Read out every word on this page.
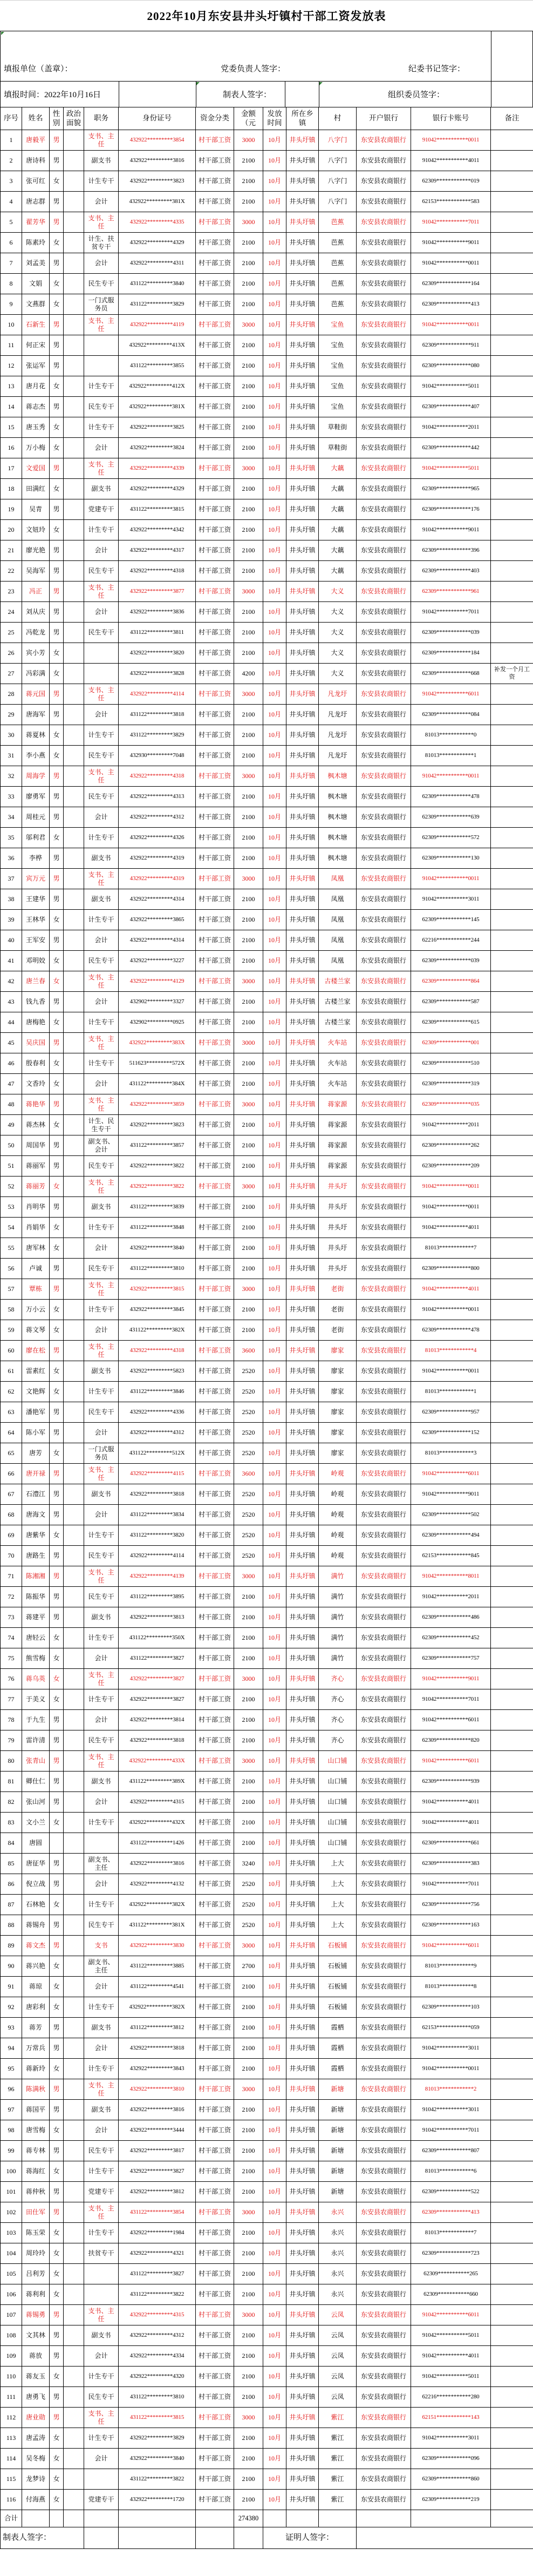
2022年10月东安县井头圩镇村干部工资发放表
填报单位（盖章）：	党委负责人签字：	纪委书记签字：
填报时间：2022年10月16日	制表人签字：	组织委员签字：
序号	姓名	性别	政治面貌	职务	身份证号	资金分类	金额（元	发放时间	所在乡镇	村	开户银行	银行卡账号	备注
1	唐毅平	男		支书、主任	432922*********3854	村干部工资	3000	10月	井头圩镇	八字门	东安县农商银行	91042***********0011	
2	唐诗科	男		副支书	432922*********3816	村干部工资	2100	10月	井头圩镇	八字门	东安县农商银行	91042***********4011	
3	张可红	女		计生专干	432922*********3823	村干部工资	2100	10月	井头圩镇	八字门	东安县农商银行	62309************019	
4	唐志群	男		会计	432922*********381X	村干部工资	2100	10月	井头圩镇	八字门	东安县农商银行	62153************583	
5	翟芳华	男		支书、主任	432922*********4335	村干部工资	3000	10月	井头圩镇	芭蕉	东安县农商银行	91042***********7011	
6	陈素玲	女		计生、扶贫专干	432922*********4329	村干部工资	2100	10月	井头圩镇	芭蕉	东安县农商银行	91042***********9011	
7	刘孟美	男		会计	432922*********4311	村干部工资	2100	10月	井头圩镇	芭蕉	东安县农商银行	91042***********0011	
8	文娟	女		民生专干	431122*********3840	村干部工资	2100	10月	井头圩镇	芭蕉	东安县农商银行	62309************164	
9	文燕群	女		一门式服务员	431122*********3829	村干部工资	2100	10月	井头圩镇	芭蕉	东安县农商银行	62309************413	
10	石新生	男		支书、主任	432922*********4119	村干部工资	3000	10月	井头圩镇	宝鱼	东安县农商银行	91042***********0011	
11	何正宋	男			432922*********413X	村干部工资	2100	10月	井头圩镇	宝鱼	东安县农商银行	62309************911	
12	张运军	男			431122*********3855	村干部工资	2100	10月	井头圩镇	宝鱼	东安县农商银行	62309************080	
13	唐月花	女		计生专干	432922*********412X	村干部工资	2100	10月	井头圩镇	宝鱼	东安县农商银行	91042***********5011	
14	蒋志杰	男		民生专干	432922*********381X	村干部工资	2100	10月	井头圩镇	宝鱼	东安县农商银行	62309************407	
15	唐玉秀	女		计生专干	432922*********3825	村干部工资	2100	10月	井头圩镇	草鞋街	东安县农商银行	91042***********2011	
16	万小梅	女		会计	432922*********3824	村干部工资	2100	10月	井头圩镇	草鞋街	东安县农商银行	62309************442	
17	文爱国	男		支书、主任	432922*********4339	村干部工资	3000	10月	井头圩镇	大藕	东安县农商银行	91042***********5011	
18	田满红	女		副支书	432922*********4329	村干部工资	2100	10月	井头圩镇	大藕	东安县农商银行	62309************965	
19	吴青	男		党建专干	431122*********3815	村干部工资	2100	10月	井头圩镇	大藕	东安县农商银行	62309************176	
20	文妞玲	女		计生专干	432922*********4342	村干部工资	2100	10月	井头圩镇	大藕	东安县农商银行	91042***********9011	
21	廖光艳	男		会计	432922*********4317	村干部工资	2100	10月	井头圩镇	大藕	东安县农商银行	62309************396	
22	吴海军	男		民生专干	432922*********4318	村干部工资	2100	10月	井头圩镇	大藕	东安县农商银行	62309************403	
23	冯正	男		支书、主任	432922*********3877	村干部工资	3000	10月	井头圩镇	大义	东安县农商银行	62309************961	
24	刘从庆	男		会计	432922*********3836	村干部工资	2100	10月	井头圩镇	大义	东安县农商银行	91042***********7011	
25	冯乾龙	男		民生专干	431122*********3811	村干部工资	2100	10月	井头圩镇	大义	东安县农商银行	62309************039	
26	宾小芳	女			432922*********3820	村干部工资	2100	10月	井头圩镇	大义	东安县农商银行	62309************184	
27	冯彩满	女			432922*********3828	村干部工资	4200	10月	井头圩镇	大义	东安县农商银行	62309************668	补发一个月工资
28	蒋元国	男		支书、主任	432922*********4114	村干部工资	3000	10月	井头圩镇	凡龙圩	东安县农商银行	91042***********6011	
29	唐海军	男		会计	431122*********3818	村干部工资	2100	10月	井头圩镇	凡龙圩	东安县农商银行	62309************084	
30	蒋夏林	女		计生专干	431122*********3829	村干部工资	2100	10月	井头圩镇	凡龙圩	东安县农商银行	81013************0	
31	李小燕	女		民生专干	432930*********7048	村干部工资	2100	10月	井头圩镇	凡龙圩	东安县农商银行	81013************1	
32	周海学	男		支书、主任	432922*********4318	村干部工资	3000	10月	井头圩镇	枫木塘	东安县农商银行	91042***********0011	
33	廖勇军	男		民生专干	432922*********4313	村干部工资	2100	10月	井头圩镇	枫木塘	东安县农商银行	62309************478	
34	周桂元	男		会计	432922*********4312	村干部工资	2100	10月	井头圩镇	枫木塘	东安县农商银行	62309************639	
35	邬利君	女		计生专干	432922*********4326	村干部工资	2100	10月	井头圩镇	枫木塘	东安县农商银行	62309************572	
36	李桦	男		副支书	432922*********4319	村干部工资	2100	10月	井头圩镇	枫木塘	东安县农商银行	62309************130	
37	宾万元	男		支书、主任	432922*********4319	村干部工资	3000	10月	井头圩镇	凤凰	东安县农商银行	91042***********0011	
38	王建华	男		副支书	432922*********4314	村干部工资	2100	10月	井头圩镇	凤凰	东安县农商银行	91042***********3011	
39	王林华	女		计生专干	432922*********3865	村干部工资	2100	10月	井头圩镇	凤凰	东安县农商银行	62309************145	
40	王军安	男		会计	432922*********4314	村干部工资	2100	10月	井头圩镇	凤凰	东安县农商银行	62216************244	
41	邓明姣	女		民生专干	432922*********3227	村干部工资	2100	10月	井头圩镇	凤凰	东安县农商银行	62309************039	
42	唐兰春	女		支书、主任	432922*********4129	村干部工资	3000	10月	井头圩镇	古楼兰家	东安县农商银行	62309************864	
43	钱九香	男		会计	432902*********3327	村干部工资	2100	10月	井头圩镇	古楼兰家	东安县农商银行	62309************587	
44	唐梅艳	女		计生专干	432902*********0925	村干部工资	2100	10月	井头圩镇	古楼兰家	东安县农商银行	62309************615	
45	吴庆国	男		支书、主任	432922*********383X	村干部工资	3000	10月	井头圩镇	火车站	东安县农商银行	62309************001	
46	殷春利	女		计生专干	511623*********572X	村干部工资	2100	10月	井头圩镇	火车站	东安县农商银行	62309************510	
47	文香玲	女		会计	431122*********384X	村干部工资	2100	10月	井头圩镇	火车站	东安县农商银行	62309************319	
48	蒋艳华	男		支书、主任	432922*********3859	村干部工资	3000	10月	井头圩镇	蒋家源	东安县农商银行	62309************035	
49	蒋杰林	女		计生、民生专干	432922*********3823	村干部工资	2100	10月	井头圩镇	蒋家源	东安县农商银行	91042***********2011	
50	周国华	男		副支书、会计	431122*********3857	村干部工资	2100	10月	井头圩镇	蒋家源	东安县农商银行	62309************262	
51	蒋丽军	男		民生专干	432922*********3822	村干部工资	2100	10月	井头圩镇	蒋家源	东安县农商银行	62309************209	
52	蒋丽芳	女		支书、主任	432922*********3822	村干部工资	3000	10月	井头圩镇	井头圩	东安县农商银行	91042***********0011	
53	肖明华	男		副支书	431122*********3839	村干部工资	2100	10月	井头圩镇	井头圩	东安县农商银行	91042***********0011	
54	肖娟华	女		计生专干	431122*********3848	村干部工资	2100	10月	井头圩镇	井头圩	东安县农商银行	91042***********4011	
55	唐军林	女		会计	432922*********3840	村干部工资	2100	10月	井头圩镇	井头圩	东安县农商银行	81013************7	
56	卢诚	男		民生专干	431122*********3810	村干部工资	2100	10月	井头圩镇	井头圩	东安县农商银行	62309************800	
57	覃栋	男		支书、主任	432922*********3815	村干部工资	3000	10月	井头圩镇	老街	东安县农商银行	91042***********4011	
58	万小云	女		计生专干	432922*********3845	村干部工资	2100	10月	井头圩镇	老街	东安县农商银行	91042***********0011	
59	蒋文琴	女		会计	431122*********382X	村干部工资	2100	10月	井头圩镇	老街	东安县农商银行	62309************478	
60	廖在松	男		支书、主任	432922*********4318	村干部工资	3600	10月	井头圩镇	廖家	东安县农商银行	81013************4	
61	雷素红	女		副支书	432922*********5823	村干部工资	2520	10月	井头圩镇	廖家	东安县农商银行	91042***********0011	
62	文艳辉	女		计生专干	431122*********3846	村干部工资	2520	10月	井头圩镇	廖家	东安县农商银行	81013************1	
63	潘艳军	男		民生专干	432922*********4336	村干部工资	2520	10月	井头圩镇	廖家	东安县农商银行	62309************957	
64	陈小军	男		会计	432922*********4312	村干部工资	2520	10月	井头圩镇	廖家	东安县农商银行	62309************152	
65	唐芳	女		一门式服务员	431122*********512X	村干部工资	2520	10月	井头圩镇	廖家	东安县农商银行	81013************3	
66	唐开禄	男		支书、主任	432922*********4115	村干部工资	3600	10月	井头圩镇	岭观	东安县农商银行	91042***********6011	
67	石澧江	男		副支书	432922*********3818	村干部工资	2520	10月	井头圩镇	岭观	东安县农商银行	91042***********9011	
68	唐海文	男		会计	431122*********3834	村干部工资	2520	10月	井头圩镇	岭观	东安县农商银行	62309************502	
69	唐紫华	女		计生专干	431122*********3820	村干部工资	2520	10月	井头圩镇	岭观	东安县农商银行	62309************494	
70	唐路生	男		民生专干	432922*********4114	村干部工资	2520	10月	井头圩镇	岭观	东安县农商银行	62153************845	
71	陈湘湘	男		支书、主任	432922*********4139	村干部工资	3000	10月	井头圩镇	满竹	东安县农商银行	91042***********8011	
72	陈振华	男		民生专干	431122*********3895	村干部工资	2100	10月	井头圩镇	满竹	东安县农商银行	91042***********2011	
73	蒋建平	男		副支书	432922*********3813	村干部工资	2100	10月	井头圩镇	满竹	东安县农商银行	62309************486	
74	唐轻云	女		计生专干	431122*********350X	村干部工资	2100	10月	井头圩镇	满竹	东安县农商银行	62309************452	
75	熊雪梅	女		会计	431122*********3827	村干部工资	2100	10月	井头圩镇	满竹	东安县农商银行	62309************757	
76	蒋乌英	女		支书、主任	432922*********3827	村干部工资	3000	10月	井头圩镇	齐心	东安县农商银行	91042***********9011	
77	于美义	女		计生专干	432922*********3827	村干部工资	2100	10月	井头圩镇	齐心	东安县农商银行	91042***********7011	
78	于九生	男		会计	432922*********3814	村干部工资	2100	10月	井头圩镇	齐心	东安县农商银行	91042***********6011	
79	雷许清	男		民生专干	432922*********3818	村干部工资	2100	10月	井头圩镇	齐心	东安县农商银行	62309************820	
80	张青山	男		支书、主任	432922*********433X	村干部工资	3000	10月	井头圩镇	山口铺	东安县农商银行	91042***********6011	
81	卿仕仁	男		副支书	431122*********389X	村干部工资	2100	10月	井头圩镇	山口铺	东安县农商银行	62309************939	
82	张山河	男		会计	432922*********4315	村干部工资	2100	10月	井头圩镇	山口铺	东安县农商银行	91042***********4011	
83	文小兰	女		计生专干	432922*********432X	村干部工资	2100	10月	井头圩镇	山口铺	东安县农商银行	91042***********4011	
84	唐圆				431122*********1426	村干部工资	2100	10月	井头圩镇	山口铺	东安县农商银行	62309************661	
85	唐征华	男		副支书、主任	432922*********3816	村干部工资	3240	10月	井头圩镇	上大	东安县农商银行	62309************383	
86	倪立战	男		会计	432922*********4132	村干部工资	2520	10月	井头圩镇	上大	东安县农商银行	91042***********7011	
87	石林艳	女		计生专干	432922*********382X	村干部工资	2520	10月	井头圩镇	上大	东安县农商银行	62309************756	
88	蒋锡舟	男		民生专干	431122*********381X	村干部工资	2520	10月	井头圩镇	上大	东安县农商银行	62309************163	
89	蒋文杰	男		支书	432922*********3830	村干部工资	3000	10月	井头圩镇	石板铺	东安县农商银行	91042***********6011	
90	蒋兴艳	女		副支书、主任	431122*********3885	村干部工资	2700	10月	井头圩镇	石板铺	东安县农商银行	81013************9	
91	蒋琼	女		会计	431122*********4541	村干部工资	2100	10月	井头圩镇	石板铺	东安县农商银行	81013************8	
92	唐彩利	女		计生专干	432922*********382X	村干部工资	2100	10月	井头圩镇	石板铺	东安县农商银行	62309************103	
93	蒋芳	男		副支书	431122*********3812	村干部工资	2100	10月	井头圩镇	霞栖	东安县农商银行	62153************059	
94	万常兵	男		会计	432922*********3818	村干部工资	2100	10月	井头圩镇	霞栖	东安县农商银行	91042***********3011	
95	蒋新玲	女		计生专干	432922*********3843	村干部工资	2100	10月	井头圩镇	霞栖	东安县农商银行	91042***********0011	
96	陈满秋	男		支书、主任	432922*********3810	村干部工资	3000	10月	井头圩镇	新塘	东安县农商银行	81013************2	
97	蒋国平	男		副支书	432922*********3816	村干部工资	2100	10月	井头圩镇	新塘	东安县农商银行	91042***********3011	
98	唐雪梅	女		会计	432922*********3444	村干部工资	2100	10月	井头圩镇	新塘	东安县农商银行	91042***********7011	
99	蒋专林	男		民生专干	432922*********3817	村干部工资	2100	10月	井头圩镇	新塘	东安县农商银行	62309************807	
100	蒋海红	女		计生专干	432922*********3827	村干部工资	2100	10月	井头圩镇	新塘	东安县农商银行	81013************6	
101	蒋仲秋	男		党建专干	432922*********3812	村干部工资	2100	10月	井头圩镇	新塘	东安县农商银行	62309************522	
102	田仕军	男		支书、主任	431122*********3854	村干部工资	3000	10月	井头圩镇	永兴	东安县农商银行	62309************413	
103	陈玉荣	女		计生专干	432922*********1984	村干部工资	2100	10月	井头圩镇	永兴	东安县农商银行	81013************7	
104	周玲玲	女		扶贫专干	432922*********4321	村干部工资	2100	10月	井头圩镇	永兴	东安县农商银行	62309************723	
105	吕利芳	女			431122*********3827	村干部工资	2100	10月	井头圩镇	永兴	东安县农商银行	62309***********265	
106	蒋利利	女			431122*********3822	村干部工资	2100	10月	井头圩镇	永兴	东安县农商银行	62309***********660	
107	蒋锡勇	男		支书、主任	432922*********4315	村干部工资	3000	10月	井头圩镇	云凤	东安县农商银行	91042***********6011	
108	文其林	男		副支书	432922*********4312	村干部工资	2100	10月	井头圩镇	云凤	东安县农商银行	91042***********5011	
109	蒋放	男		会计	432922*********4334	村干部工资	2100	10月	井头圩镇	云凤	东安县农商银行	91042***********4011	
110	蒋友玉	女		计生专干	432922*********4320	村干部工资	2100	10月	井头圩镇	云凤	东安县农商银行	91042***********5011	
111	唐勇飞	男		民生专干	431122*********3810	村干部工资	2100	10月	井头圩镇	云凤	东安县农商银行	62216************280	
112	唐业勋	男		支书、主任	431122*********3815	村干部工资	3000	10月	井头圩镇	紫江	东安县农商银行	62151************143	
113	唐孟涛	女		计生专干	432922*********3829	村干部工资	2100	10月	井头圩镇	紫江	东安县农商银行	91042***********3011	
114	吴冬梅	女		会计	432922*********3840	村干部工资	2100	10月	井头圩镇	紫江	东安县农商银行	62309************096	
115	龙梦诗	女			431122*********3822	村干部工资	2100	10月	井头圩镇	紫江	东安县农商银行	62309************860	
116	付海燕	女		党建专干	432922*********1720	村干部工资	2100	10月	井头圩镇	紫江	东安县农商银行	62309************219	
合计							274380						
制表人签字：								证明人签字：					
